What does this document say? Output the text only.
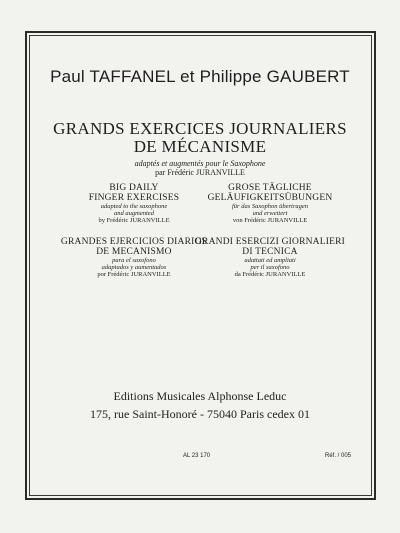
Paul TAFFANEL et Philippe GAUBERT
GRANDS EXERCICES JOURNALIERS
DE MÉCANISME
adaptés et augmentés pour le Saxophone
par Frédéric JURANVILLE
BIG DAILY
FINGER EXERCISES
adapted to the saxophone
and augmented
by Frédéric JURANVILLE
GROSE TÄGLICHE
GELÄUFIGKEITSÜBUNGEN
für das Saxophon übertragen
und erweitert
von Frédéric JURANVILLE
GRANDES EJERCICIOS DIARIOS
DE MECANISMO
para el saxofono
adaptados y aumentados
por Frédéric JURANVILLE
GRANDI ESERCIZI GIORNALIERI
DI TECNICA
adattati ed ampliati
per il saxofono
da Frédéric JURANVILLE
Editions Musicales Alphonse Leduc
175, rue Saint-Honoré - 75040 Paris cedex 01
AL 23 170	Réf. / 005
